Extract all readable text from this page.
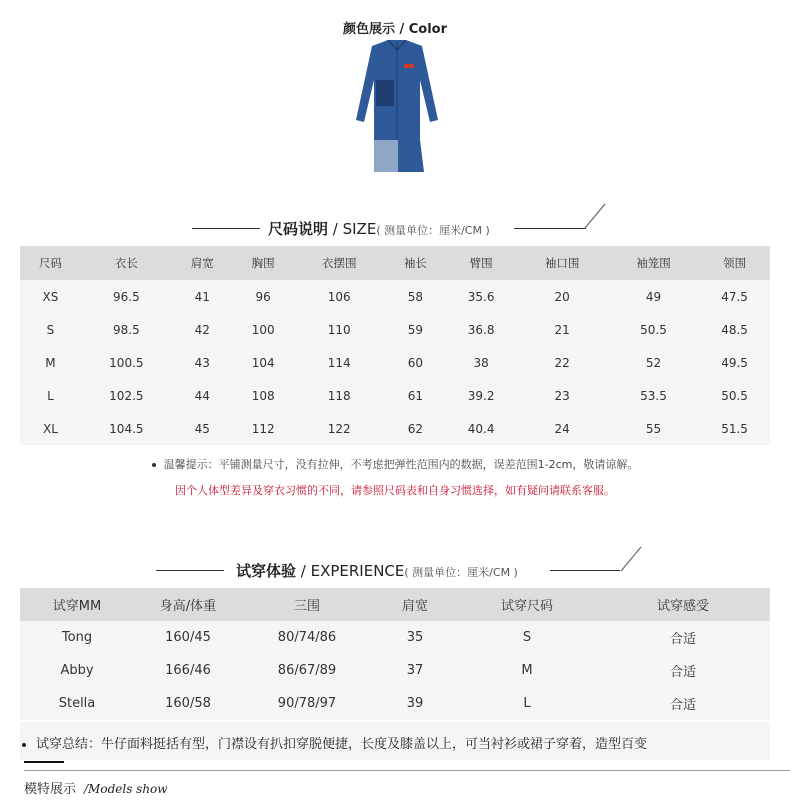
颜色展示 / Color
尺码说明 / SIZE( 测量单位：厘米/CM )
尺码	衣长	肩宽	胸围	衣摆围	袖长	臂围	袖口围	袖笼围	领围
XS	96.5	41	96	106	58	35.6	20	49	47.5
S	98.5	42	100	110	59	36.8	21	50.5	48.5
M	100.5	43	104	114	60	38	22	52	49.5
L	102.5	44	108	118	61	39.2	23	53.5	50.5
XL	104.5	45	112	122	62	40.4	24	55	51.5
温馨提示：平铺测量尺寸，没有拉伸，不考虑把弹性范围内的数据，误差范围1-2cm，敬请谅解。
因个人体型差异及穿衣习惯的不同，请参照尺码表和自身习惯选择，如有疑问请联系客服。
试穿体验 / EXPERIENCE( 测量单位：厘米/CM )
试穿MM	身高/体重	三围	肩宽	试穿尺码	试穿感受
Tong	160/45	80/74/86	35	S	合适
Abby	166/46	86/67/89	37	M	合适
Stella	160/58	90/78/97	39	L	合适
试穿总结：牛仔面料挺括有型，门襟设有扒扣穿脱便捷，长度及膝盖以上，可当衬衫或裙子穿着，造型百变
模特展示 /Models show
